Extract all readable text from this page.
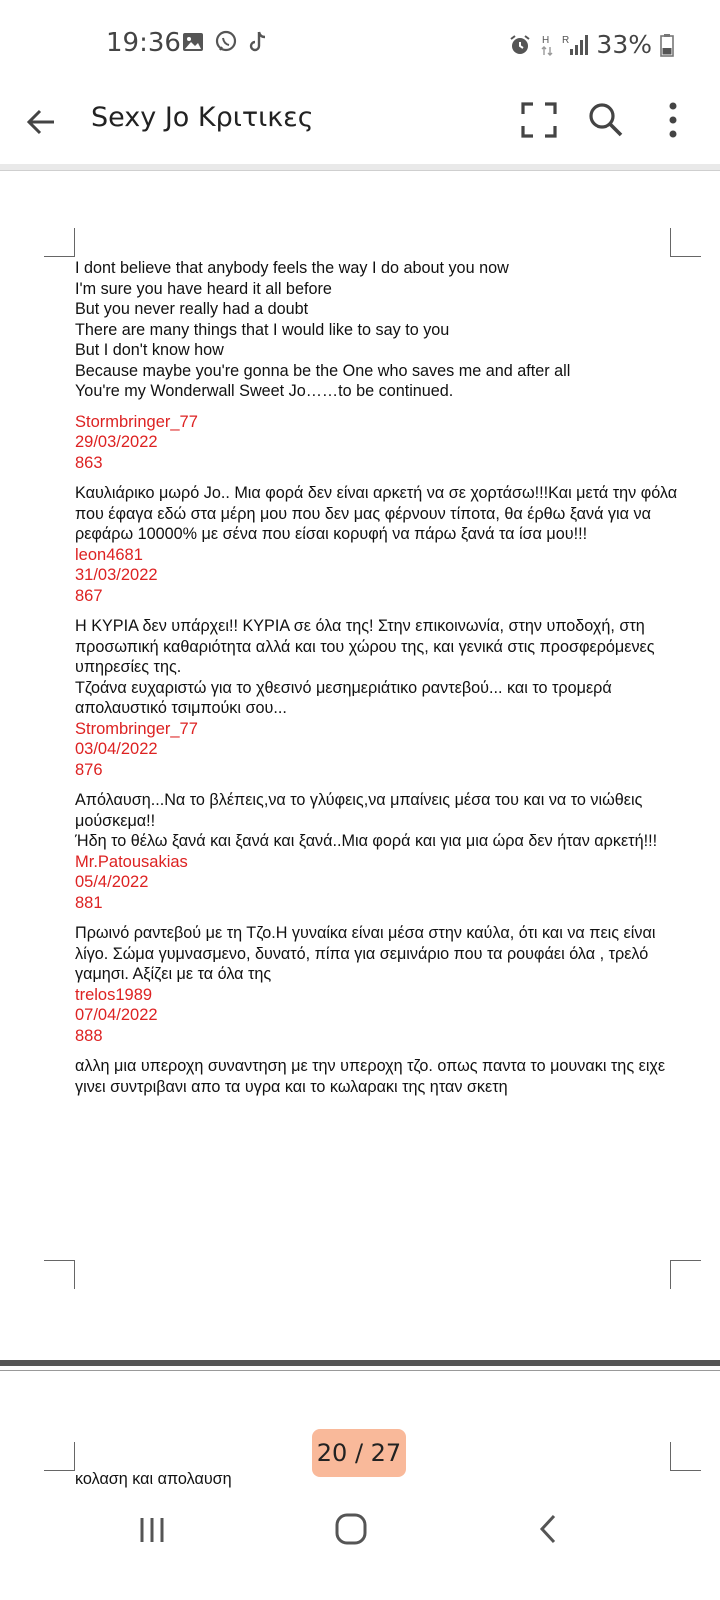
19:36	H R 33%
Sexy Jo Κριτικες

I dont believe that anybody feels the way I do about you now

I'm sure you have heard it all before

But you never really had a doubt

There are many things that I would like to say to you

But I don't know how

Because maybe you're gonna be the One who saves me and after all

You're my Wonderwall Sweet Jo……to be continued.

Stormbringer_77

29/03/2022

863

Καυλιάρικο μωρό Jo.. Μια φορά δεν είναι αρκετή να σε χορτάσω!!!Και μετά την φόλα που έφαγα εδώ στα μέρη μου που δεν μας φέρνουν τίποτα, θα έρθω ξανά για να ρεφάρω 10000% με σένα που είσαι κορυφή να πάρω ξανά τα ίσα μου!!!

leon4681

31/03/2022

867

Η ΚΥΡΙΑ δεν υπάρχει!! ΚΥΡΙΑ σε όλα της! Στην επικοινωνία, στην υποδοχή, στη προσωπική καθαριότητα αλλά και του χώρου της, και γενικά στις προσφερόμενες υπηρεσίες της.
Τζοάνα ευχαριστώ για το χθεσινό μεσημεριάτικο ραντεβού... και το τρομερά απολαυστικό τσιμπούκι σου...

Strombringer_77

03/04/2022

876

Απόλαυση...Να το βλέπεις,να το γλύφεις,να μπαίνεις μέσα του και να το νιώθεις μούσκεμα!!
Ήδη το θέλω ξανά και ξανά και ξανά..Μια φορά και για μια ώρα δεν ήταν αρκετή!!!

Mr.Patousakias

05/4/2022

881

Πρωινό ραντεβού με τη Τζο.Η γυναίκα είναι μέσα στην καύλα, ότι και να πεις είναι λίγο. Σώμα γυμνασμενο, δυνατό, πίπα για σεμινάριο που τα ρουφάει όλα , τρελό γαμησι. Αξίζει με τα όλα της

trelos1989

07/04/2022

888

αλλη μια υπεροχη συναντηση με την υπεροχη τζο. οπως παντα το μουνακι της ειχε γινει συντριβανι απο τα υγρα και το κωλαρακι της ηταν σκετη

20 / 27
κολαση και απολαυση
